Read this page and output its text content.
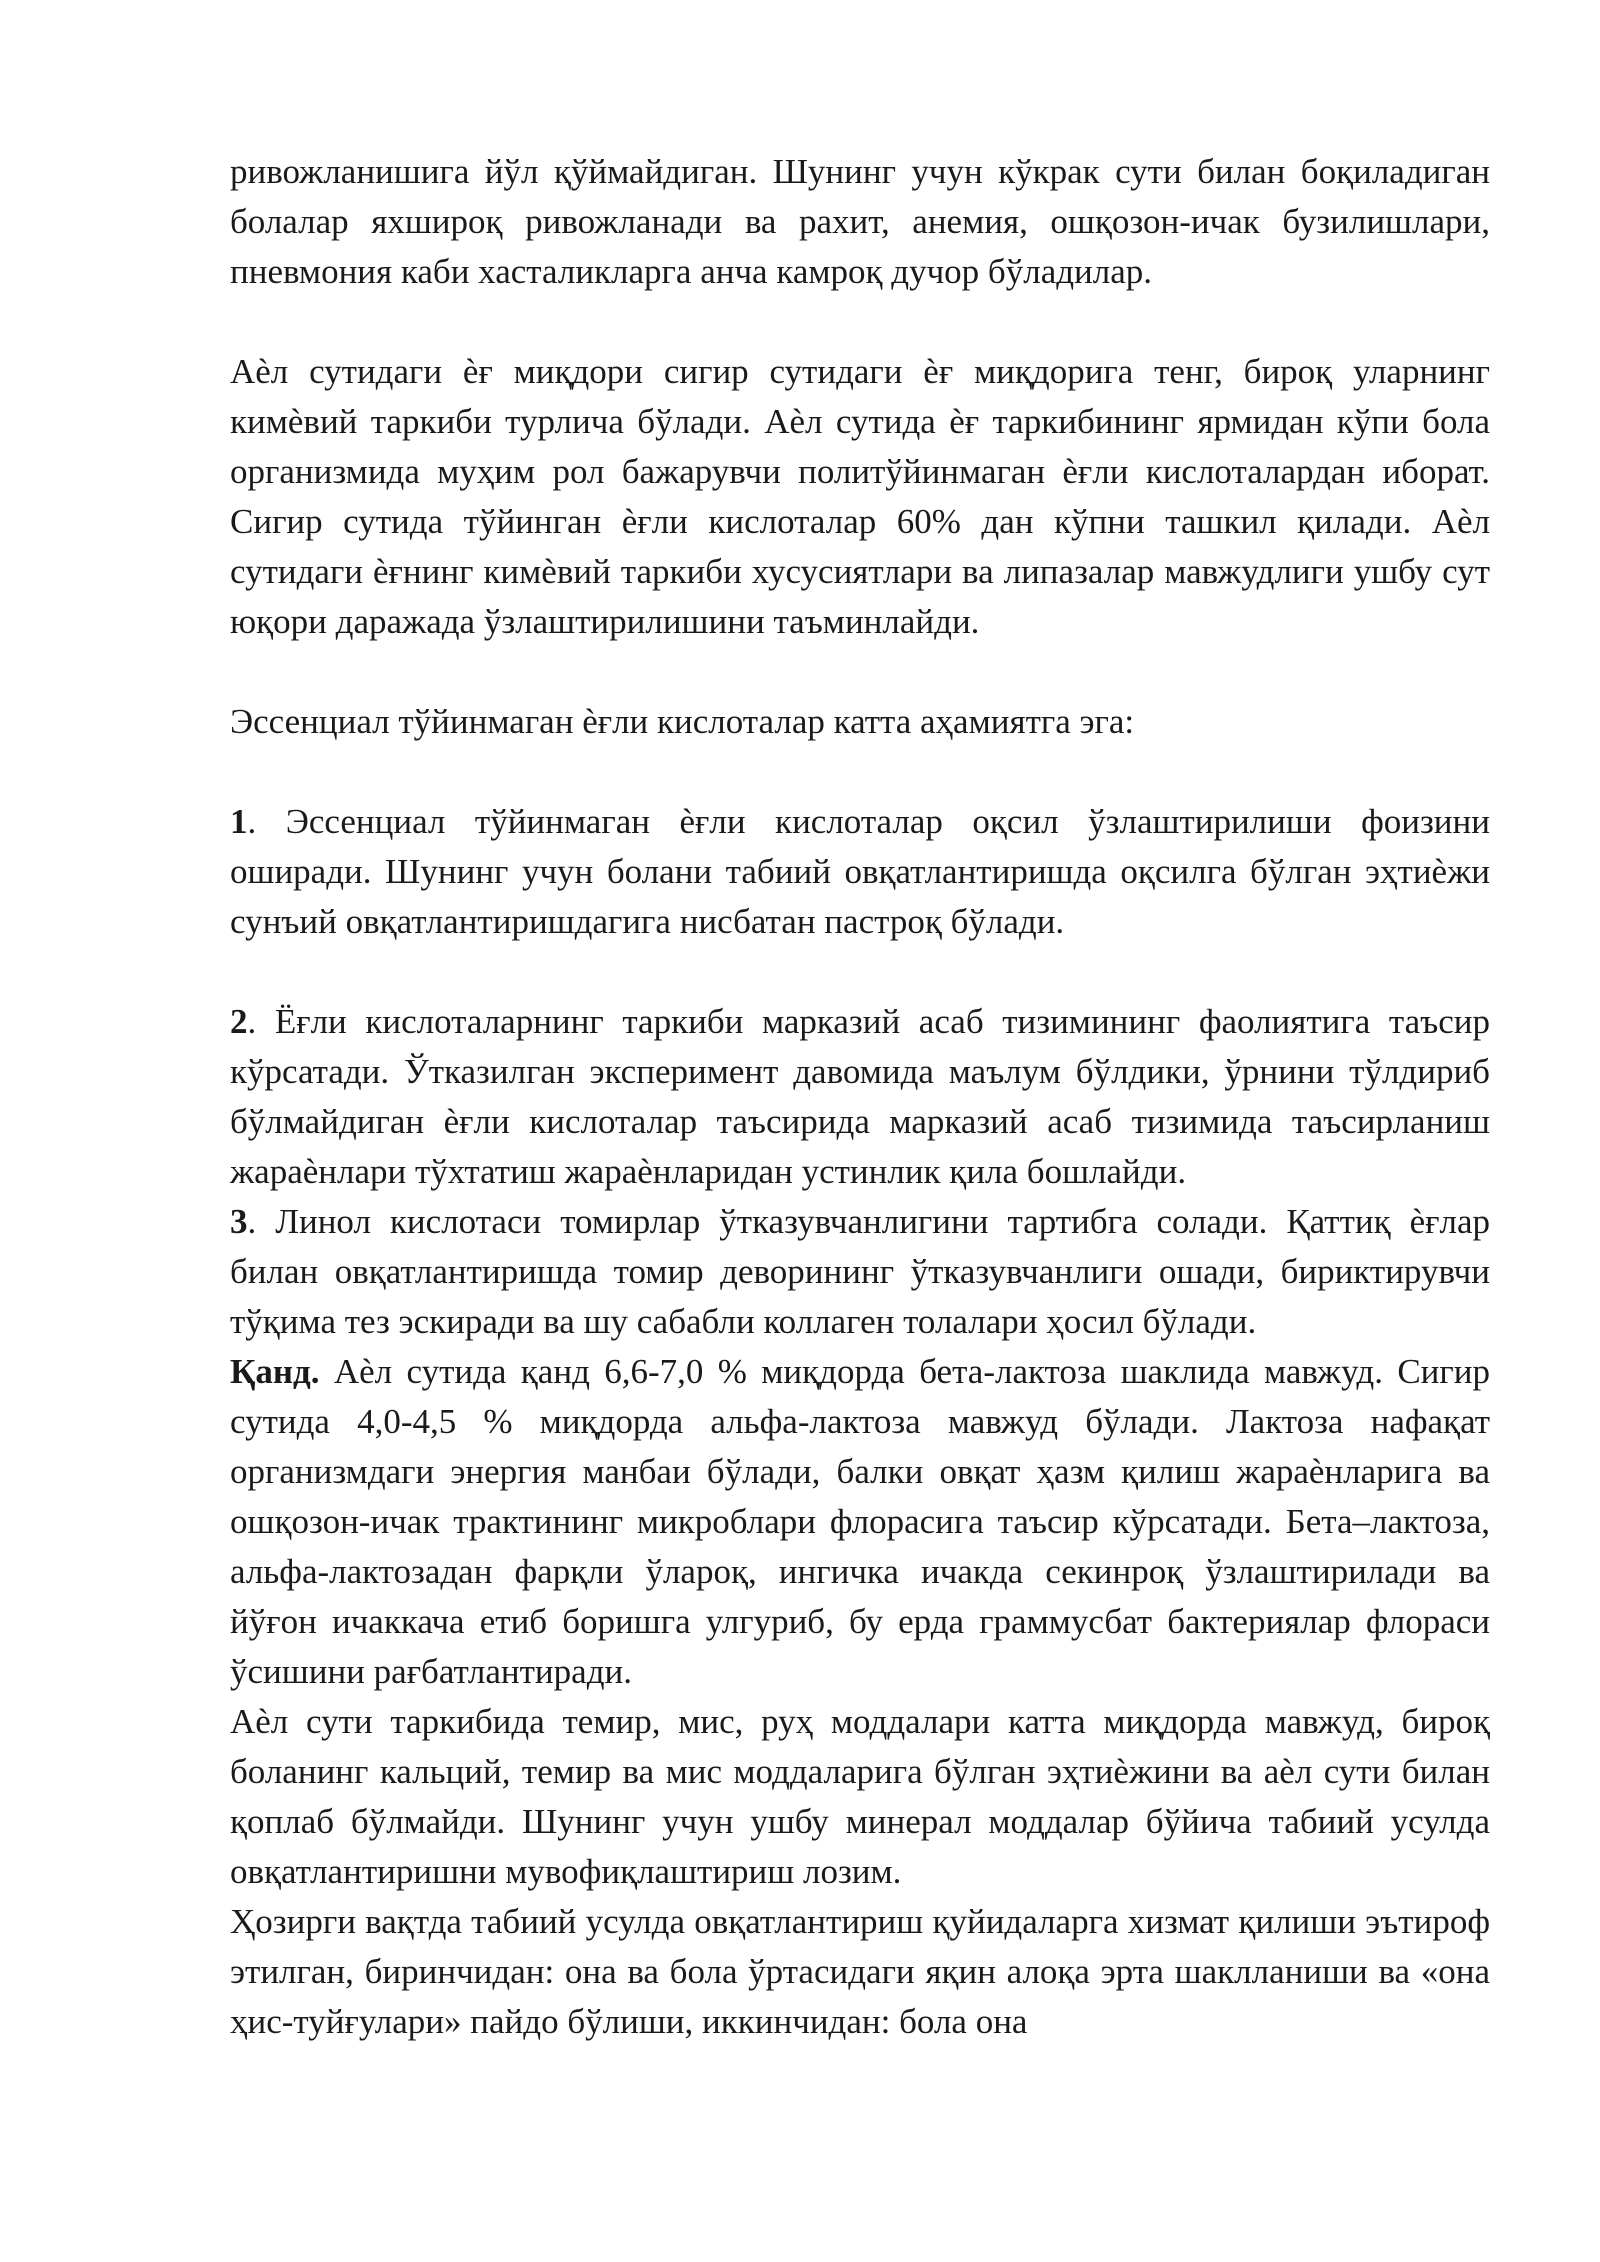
ривожланишига йўл қўймайдиган. Шунинг учун кўкрак сути билан боқиладиган болалар яхшироқ ривожланади ва рахит, анемия, ошқозон-ичак бузилишлари, пневмония каби хасталикларга анча камроқ дучор бўладилар.

Аѐл сутидаги ѐғ миқдори сигир сутидаги ѐғ миқдорига тенг, бироқ уларнинг кимѐвий таркиби турлича бўлади. Аѐл сутида ѐғ таркибининг ярмидан кўпи бола организмида муҳим рол бажарувчи политўйинмаган ѐғли кислоталардан иборат. Сигир сутида тўйинган ѐғли кислоталар 60% дан кўпни ташкил қилади. Аѐл сутидаги ѐғнинг кимѐвий таркиби хусусиятлари ва липазалар мавжудлиги ушбу сут юқори даражада ўзлаштирилишини таъминлайди.

Эссенциал тўйинмаган ѐғли кислоталар катта аҳамиятга эга:

1. Эссенциал тўйинмаган ѐғли кислоталар оқсил ўзлаштирилиши фоизини оширади. Шунинг учун болани табиий овқатлантиришда оқсилга бўлган эҳтиѐжи сунъий овқатлантиришдагига нисбатан пастроқ бўлади.

2. Ёғли кислоталарнинг таркиби марказий асаб тизимининг фаолиятига таъсир кўрсатади. Ўтказилган эксперимент давомида маълум бўлдики, ўрнини тўлдириб бўлмайдиган ѐғли кислоталар таъсирида марказий асаб тизимида таъсирланиш жараѐнлари тўхтатиш жараѐнларидан устинлик қила бошлайди.

3. Линол кислотаси томирлар ўтказувчанлигини тартибга солади. Қаттиқ ѐғлар билан овқатлантиришда томир деворининг ўтказувчанлиги ошади, бириктирувчи тўқима тез эскиради ва шу сабабли коллаген толалари ҳосил бўлади.

Қанд. Аѐл сутида қанд 6,6-7,0 % миқдорда бета-лактоза шаклида мавжуд. Сигир сутида 4,0-4,5 % миқдорда альфа-лактоза мавжуд бўлади. Лактоза нафақат организмдаги энергия манбаи бўлади, балки овқат ҳазм қилиш жараѐнларига ва ошқозон-ичак трактининг микроблари флорасига таъсир кўрсатади. Бета–лактоза, альфа-лактозадан фарқли ўлароқ, ингичка ичакда секинроқ ўзлаштирилади ва йўғон ичаккача етиб боришга улгуриб, бу ерда граммусбат бактериялар флораси ўсишини рағбатлантиради.

Аѐл сути таркибида темир, мис, руҳ моддалари катта миқдорда мавжуд, бироқ боланинг кальций, темир ва мис моддаларига бўлган эҳтиѐжини ва аѐл сути билан қоплаб бўлмайди. Шунинг учун ушбу минерал моддалар бўйича табиий усулда овқатлантиришни мувофиқлаштириш лозим.

Ҳозирги вақтда табиий усулда овқатлантириш қуйидаларга хизмат қилиши эътироф этилган, биринчидан: она ва бола ўртасидаги яқин алоқа эрта шаклланиши ва «она ҳис-туйғулари» пайдо бўлиши, иккинчидан: бола она
